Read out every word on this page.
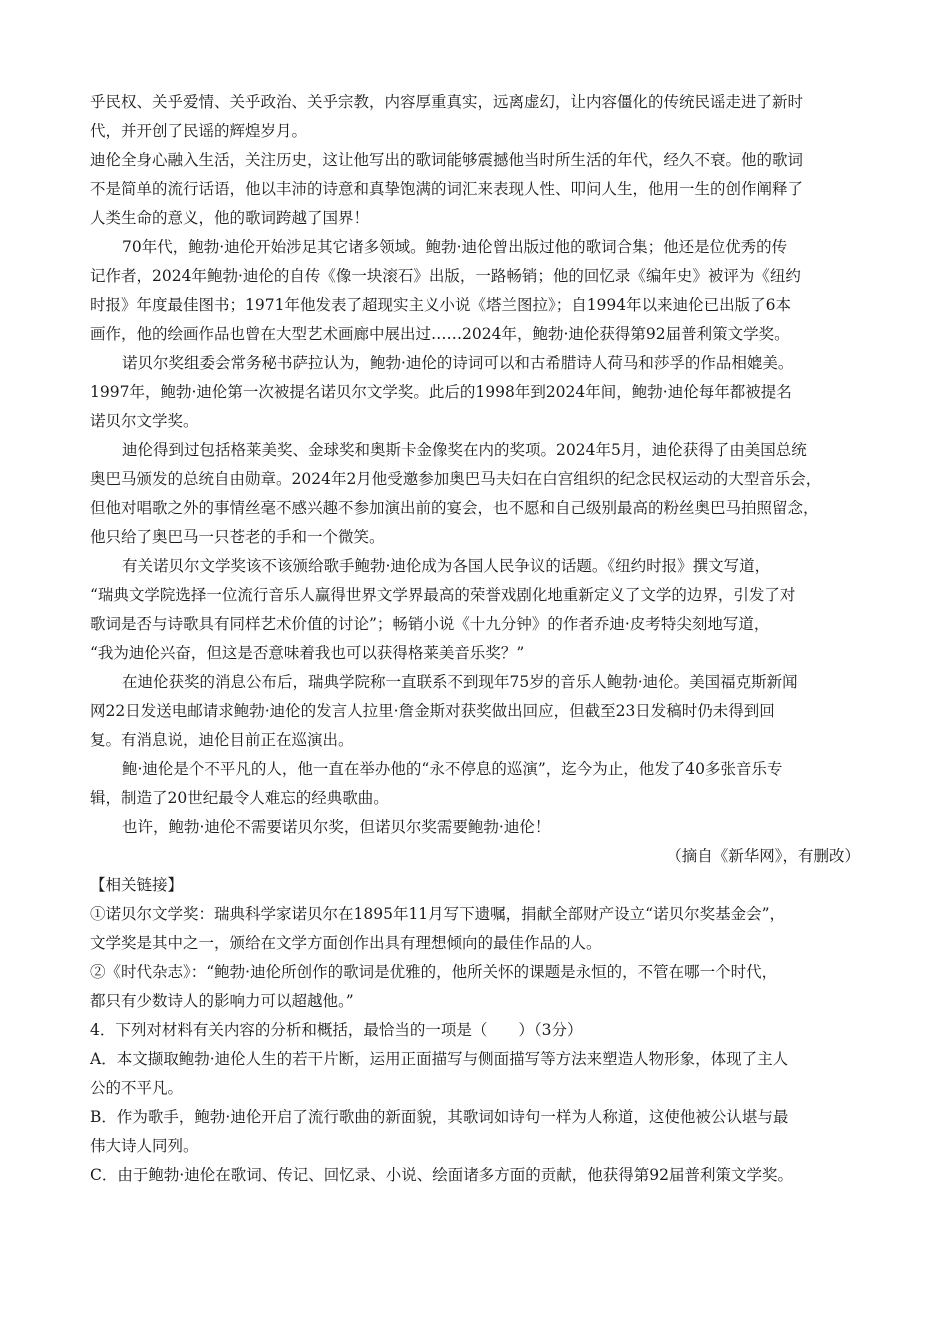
乎民权、关乎爱情、关乎政治、关乎宗教，内容厚重真实，远离虚幻，让内容僵化的传统民谣走进了新时
代，并开创了民谣的辉煌岁月。
迪伦全身心融入生活，关注历史，这让他写出的歌词能够震撼他当时所生活的年代，经久不衰。他的歌词
不是简单的流行话语，他以丰沛的诗意和真挚饱满的词汇来表现人性、叩问人生，他用一生的创作阐释了
人类生命的意义，他的歌词跨越了国界！
70年代，鲍勃·迪伦开始涉足其它诸多领域。鲍勃·迪伦曾出版过他的歌词合集；他还是位优秀的传
记作者，2024年鲍勃·迪伦的自传《像一块滚石》出版，一路畅销；他的回忆录《编年史》被评为《纽约
时报》年度最佳图书；1971年他发表了超现实主义小说《塔兰图拉》；自1994年以来迪伦已出版了6本
画作，他的绘画作品也曾在大型艺术画廊中展出过……2024年，鲍勃·迪伦获得第92届普利策文学奖。
诺贝尔奖组委会常务秘书萨拉认为，鲍勃·迪伦的诗词可以和古希腊诗人荷马和莎孚的作品相媲美。
1997年，鲍勃·迪伦第一次被提名诺贝尔文学奖。此后的1998年到2024年间，鲍勃·迪伦每年都被提名
诺贝尔文学奖。
迪伦得到过包括格莱美奖、金球奖和奥斯卡金像奖在内的奖项。2024年5月，迪伦获得了由美国总统
奥巴马颁发的总统自由勋章。2024年2月他受邀参加奥巴马夫妇在白宫组织的纪念民权运动的大型音乐会，
但他对唱歌之外的事情丝毫不感兴趣不参加演出前的宴会，也不愿和自己级别最高的粉丝奥巴马拍照留念，
他只给了奥巴马一只苍老的手和一个微笑。
有关诺贝尔文学奖该不该颁给歌手鲍勃·迪伦成为各国人民争议的话题。《纽约时报》撰文写道，
“瑞典文学院选择一位流行音乐人赢得世界文学界最高的荣誉戏剧化地重新定义了文学的边界，引发了对
歌词是否与诗歌具有同样艺术价值的讨论”；畅销小说《十九分钟》的作者乔迪·皮考特尖刻地写道，
“我为迪伦兴奋，但这是否意味着我也可以获得格莱美音乐奖？”
在迪伦获奖的消息公布后，瑞典学院称一直联系不到现年75岁的音乐人鲍勃·迪伦。美国福克斯新闻
网22日发送电邮请求鲍勃·迪伦的发言人拉里·詹金斯对获奖做出回应，但截至23日发稿时仍未得到回
复。有消息说，迪伦目前正在巡演出。
鲍·迪伦是个不平凡的人，他一直在举办他的“永不停息的巡演”，迄今为止，他发了40多张音乐专
辑，制造了20世纪最令人难忘的经典歌曲。
也许，鲍勃·迪伦不需要诺贝尔奖，但诺贝尔奖需要鲍勃·迪伦！
（摘自《新华网》，有删改）
【相关链接】
①诺贝尔文学奖：瑞典科学家诺贝尔在1895年11月写下遗嘱，捐献全部财产设立“诺贝尔奖基金会”，
文学奖是其中之一，颁给在文学方面创作出具有理想倾向的最佳作品的人。
②《时代杂志》：“鲍勃·迪伦所创作的歌词是优雅的，他所关怀的课题是永恒的，不管在哪一个时代，
都只有少数诗人的影响力可以超越他。”
4．下列对材料有关内容的分析和概括，最恰当的一项是（　　）（3分）
A．本文撷取鲍勃·迪伦人生的若干片断，运用正面描写与侧面描写等方法来塑造人物形象，体现了主人
公的不平凡。
B．作为歌手，鲍勃·迪伦开启了流行歌曲的新面貌，其歌词如诗句一样为人称道，这使他被公认堪与最
伟大诗人同列。
C．由于鲍勃·迪伦在歌词、传记、回忆录、小说、绘面诸多方面的贡献，他获得第92届普利策文学奖。
